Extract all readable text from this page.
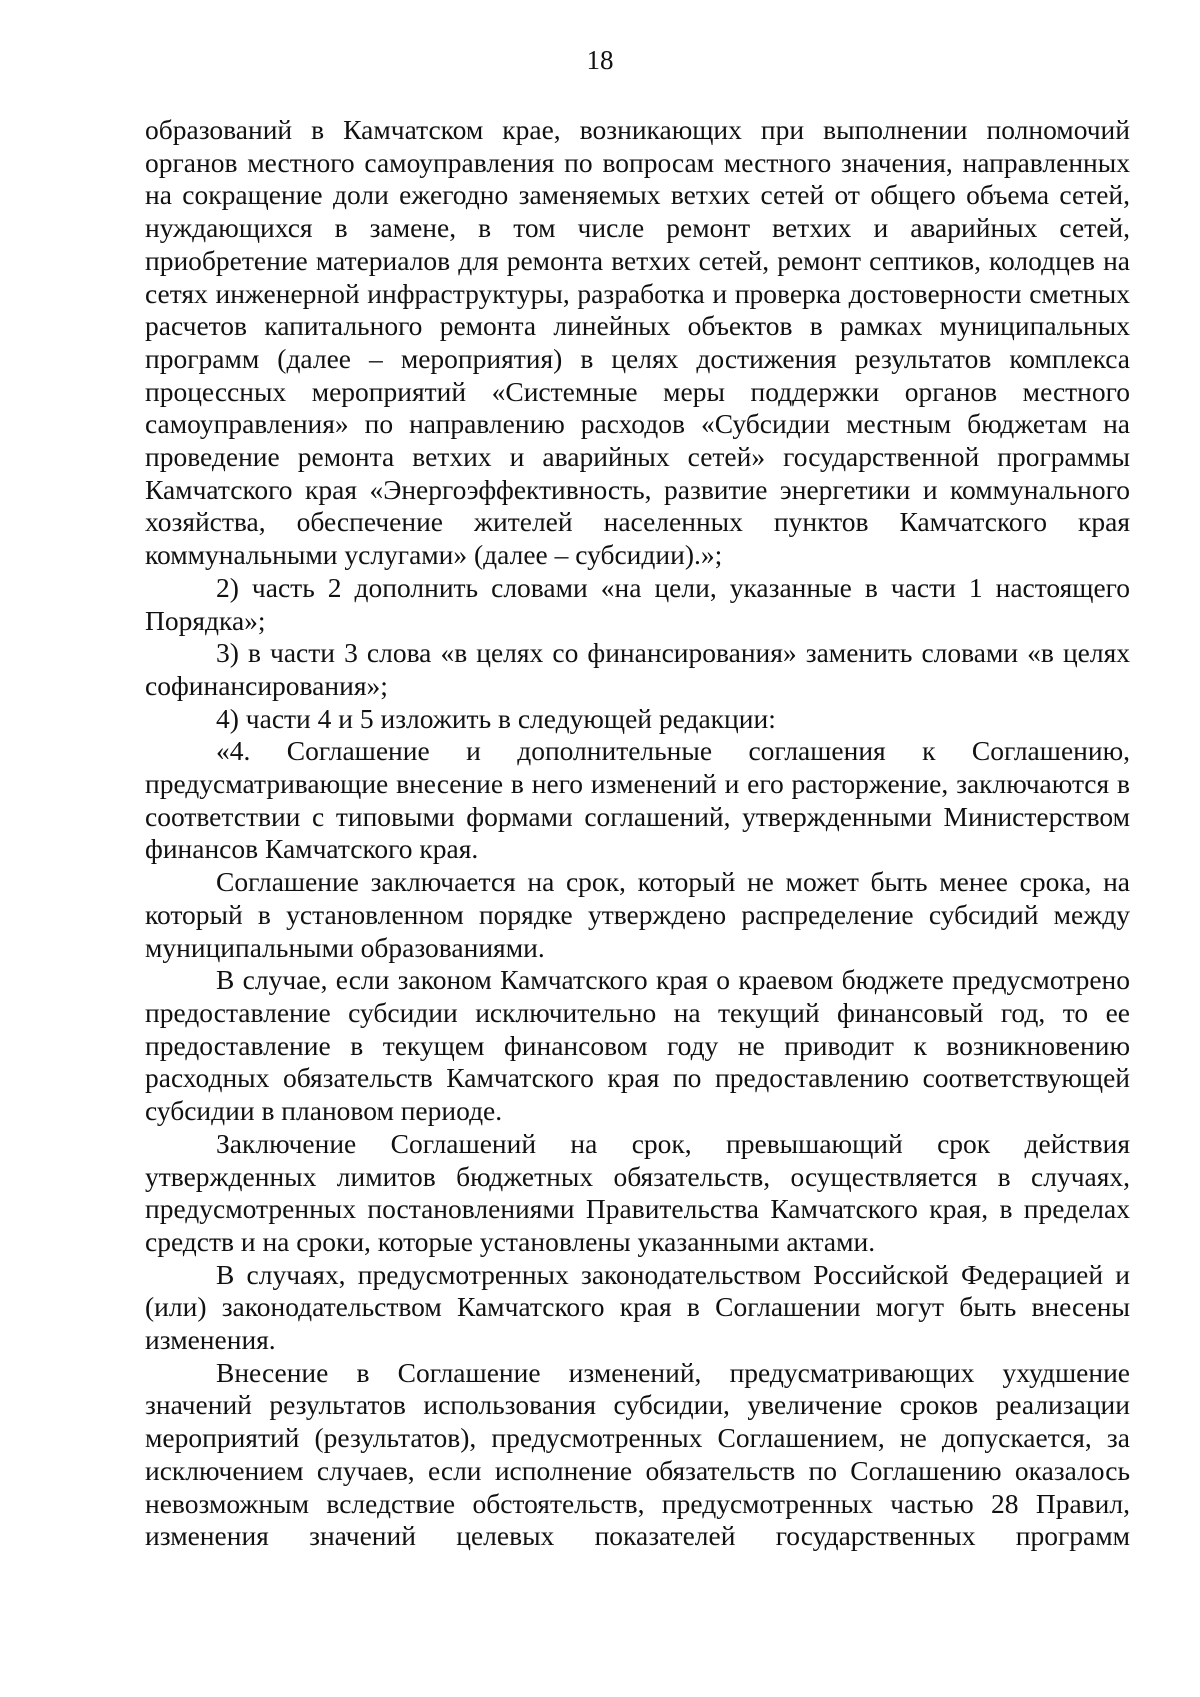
18

образований в Камчатском крае, возникающих при выполнении полномочий органов местного самоуправления по вопросам местного значения, направленных на сокращение доли ежегодно заменяемых ветхих сетей от общего объема сетей, нуждающихся в замене, в том числе ремонт ветхих и аварийных сетей, приобретение материалов для ремонта ветхих сетей, ремонт септиков, колодцев на сетях инженерной инфраструктуры, разработка и проверка достоверности сметных расчетов капитального ремонта линейных объектов в рамках муниципальных программ (далее – мероприятия) в целях достижения результатов комплекса процессных мероприятий «Системные меры поддержки органов местного самоуправления» по направлению расходов «Субсидии местным бюджетам на проведение ремонта ветхих и аварийных сетей» государственной программы Камчатского края «Энергоэффективность, развитие энергетики и коммунального хозяйства, обеспечение жителей населенных пунктов Камчатского края коммунальными услугами» (далее – субсидии).»;

2) часть 2 дополнить словами «на цели, указанные в части 1 настоящего Порядка»;

3) в части 3 слова «в целях со финансирования» заменить словами «в целях софинансирования»;

4) части 4 и 5 изложить в следующей редакции:

«4. Соглашение и дополнительные соглашения к Соглашению, предусматривающие внесение в него изменений и его расторжение, заключаются в соответствии с типовыми формами соглашений, утвержденными Министерством финансов Камчатского края.

Соглашение заключается на срок, который не может быть менее срока, на который в установленном порядке утверждено распределение субсидий между муниципальными образованиями.

В случае, если законом Камчатского края о краевом бюджете предусмотрено предоставление субсидии исключительно на текущий финансовый год, то ее предоставление в текущем финансовом году не приводит к возникновению расходных обязательств Камчатского края по предоставлению соответствующей субсидии в плановом периоде.

Заключение Соглашений на срок, превышающий срок действия утвержденных лимитов бюджетных обязательств, осуществляется в случаях, предусмотренных постановлениями Правительства Камчатского края, в пределах средств и на сроки, которые установлены указанными актами.

В случаях, предусмотренных законодательством Российской Федерацией и (или) законодательством Камчатского края в Соглашении могут быть внесены изменения.

Внесение в Соглашение изменений, предусматривающих ухудшение значений результатов использования субсидии, увеличение сроков реализации мероприятий (результатов), предусмотренных Соглашением, не допускается, за исключением случаев, если исполнение обязательств по Соглашению оказалось невозможным вследствие обстоятельств, предусмотренных частью 28 Правил, изменения значений целевых показателей государственных программ
